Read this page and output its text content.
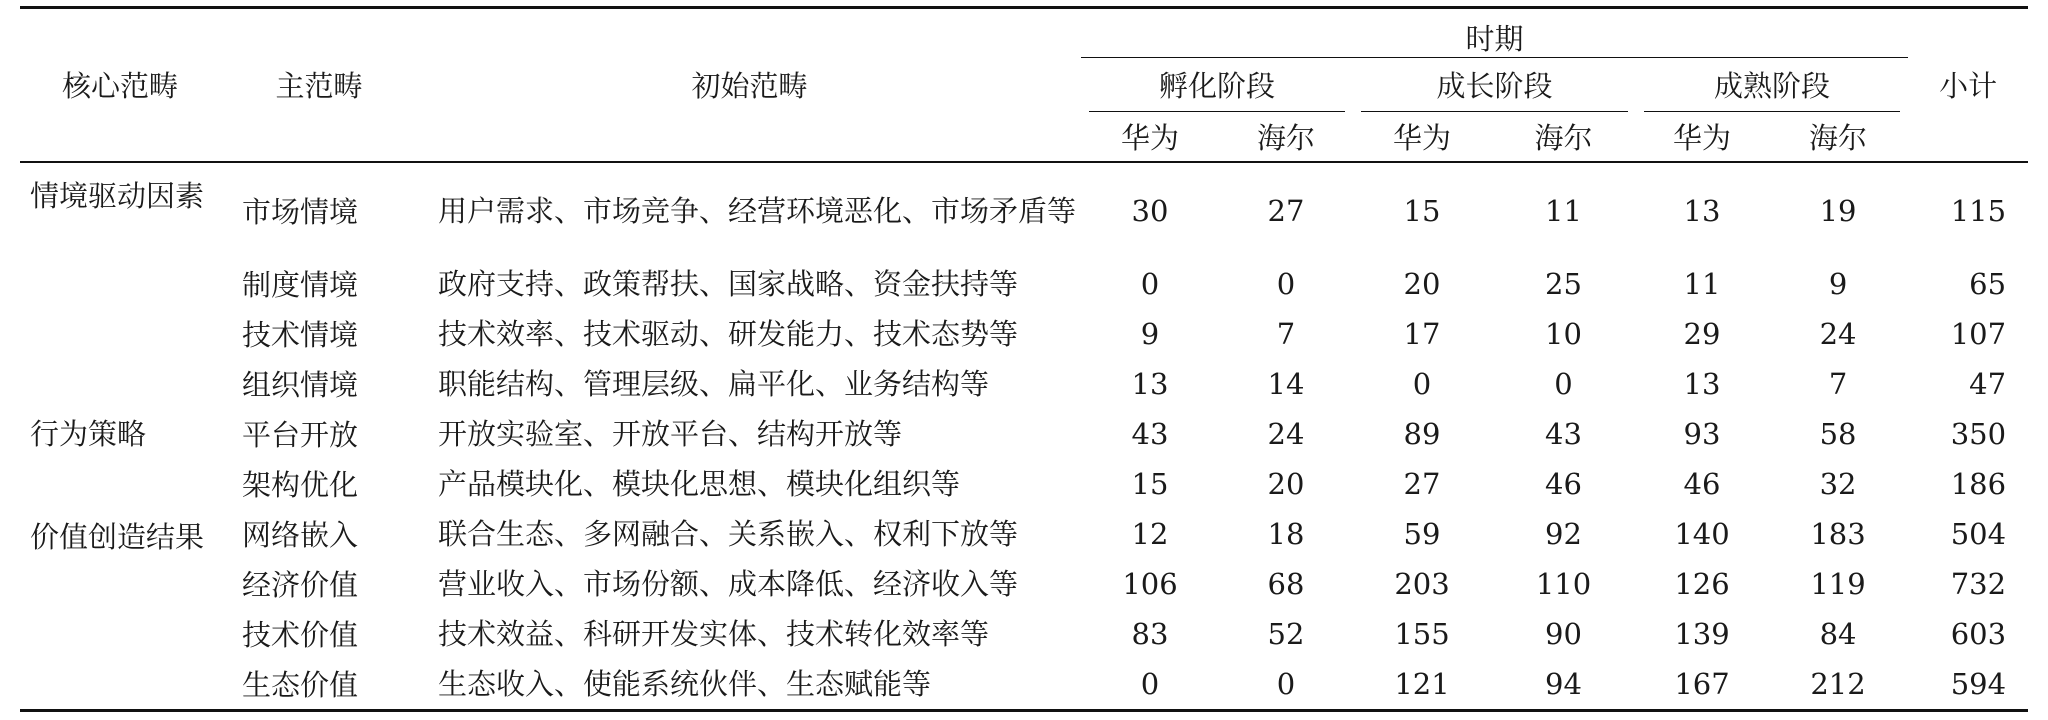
核心范畴	主范畴	初始范畴	时期						小计
			孵化阶段		成长阶段		成熟阶段		
			华为	海尔	华为	海尔	华为	海尔	
情境驱动因素	市场情境	用户需求、市场竞争、经营环境恶化、市场矛盾等	30	27	15	11	13	19	115
	制度情境	政府支持、政策帮扶、国家战略、资金扶持等	0	0	20	25	11	9	65
	技术情境	技术效率、技术驱动、研发能力、技术态势等	9	7	17	10	29	24	107
	组织情境	职能结构、管理层级、扁平化、业务结构等	13	14	0	0	13	7	47
行为策略	平台开放	开放实验室、开放平台、结构开放等	43	24	89	43	93	58	350
	架构优化	产品模块化、模块化思想、模块化组织等	15	20	27	46	46	32	186
价值创造结果	网络嵌入	联合生态、多网融合、关系嵌入、权利下放等	12	18	59	92	140	183	504
	经济价值	营业收入、市场份额、成本降低、经济收入等	106	68	203	110	126	119	732
	技术价值	技术效益、科研开发实体、技术转化效率等	83	52	155	90	139	84	603
	生态价值	生态收入、使能系统伙伴、生态赋能等	0	0	121	94	167	212	594
